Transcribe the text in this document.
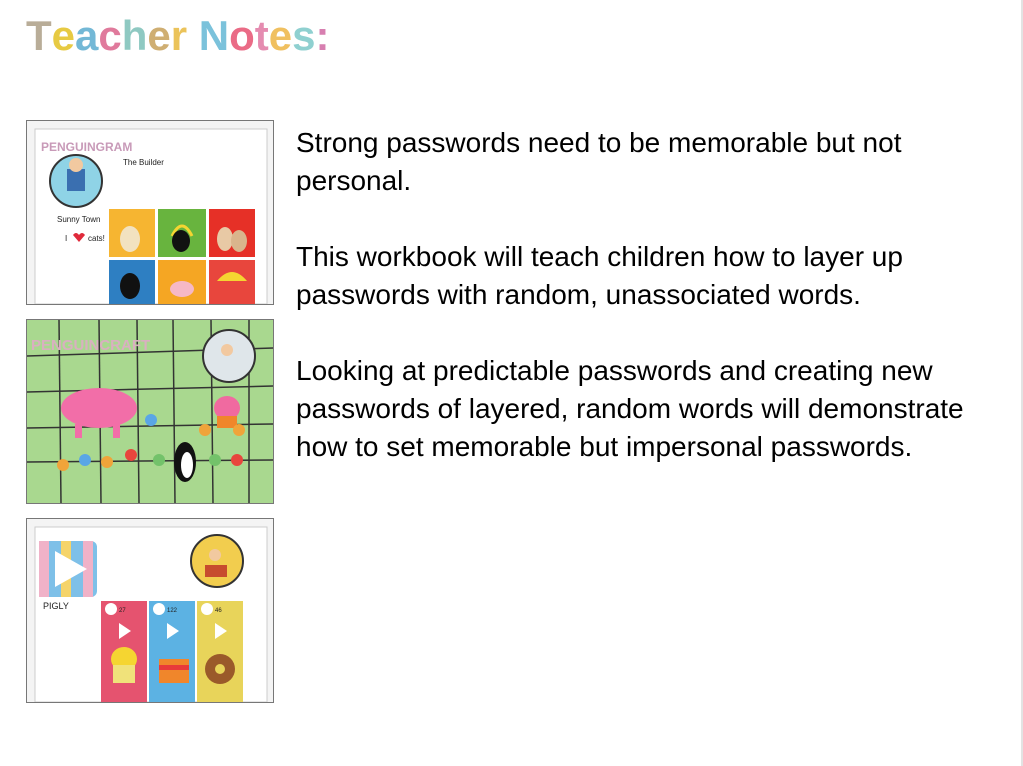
Teacher Notes:

Strong passwords need to be memorable but not personal.

This workbook will teach children how to layer up passwords with random, unassociated words.

Looking at predictable passwords and creating new passwords of layered, random words will demonstrate how to set memorable but impersonal passwords.

PENGUINGRAM
The Builder
Sunny Town
I	cats!
PENGUINCRAFT
PIGLY	27	122	46
